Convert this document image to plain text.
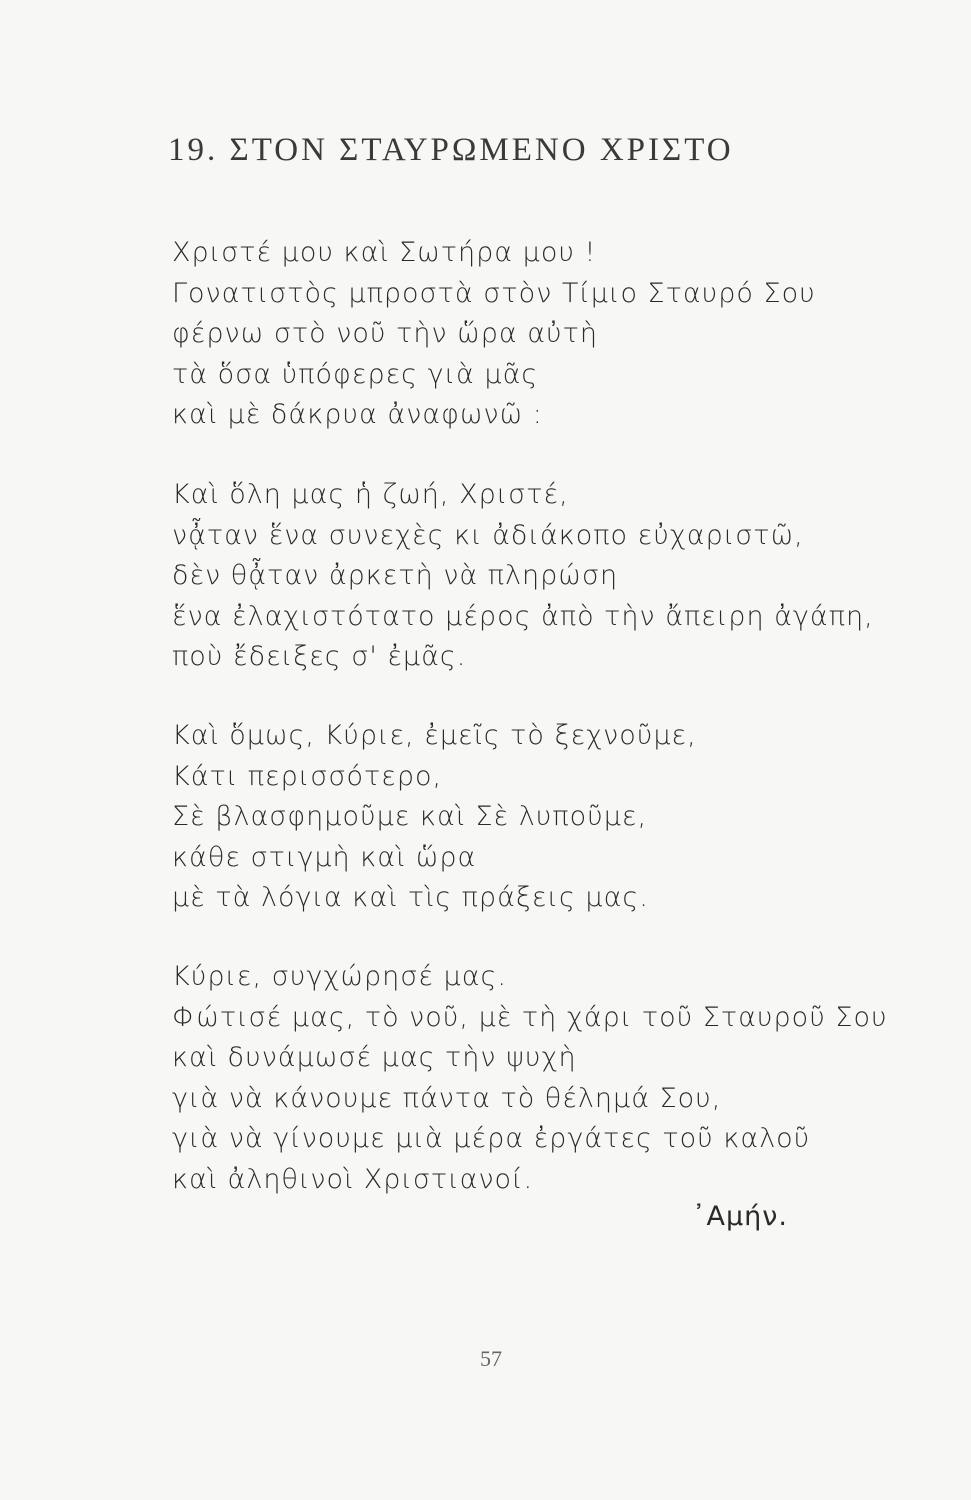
19. ΣΤΟΝ ΣΤΑΥΡΩΜΕΝΟ ΧΡΙΣΤΟ
Χριστέ μου καὶ Σωτήρα μου !
Γονατιστὸς μπροστὰ στὸν Τίμιο Σταυρό Σου
φέρνω στὸ νοῦ τὴν ὥρα αὐτὴ
τὰ ὅσα ὑπόφερες γιὰ μᾶς
καὶ μὲ δάκρυα ἀναφωνῶ :
Καὶ ὅλη μας ἡ ζωή, Χριστέ,
νᾆταν ἕνα συνεχὲς κι ἀδιάκοπο εὐχαριστῶ,
δὲν θᾆταν ἀρκετὴ νὰ πληρώση
ἕνα ἐλαχιστότατο μέρος ἀπὸ τὴν ἄπειρη ἀγάπη,
ποὺ ἔδειξες σ' ἐμᾶς.
Καὶ ὅμως, Κύριε, ἐμεῖς τὸ ξεχνοῦμε,
Κάτι περισσότερο,
Σὲ βλασφημοῦμε καὶ Σὲ λυποῦμε,
κάθε στιγμὴ καὶ ὥρα
μὲ τὰ λόγια καὶ τὶς πράξεις μας.
Κύριε, συγχώρησέ μας.
Φώτισέ μας, τὸ νοῦ, μὲ τὴ χάρι τοῦ Σταυροῦ Σου
καὶ δυνάμωσέ μας τὴν ψυχὴ
γιὰ νὰ κάνουμε πάντα τὸ θέλημά Σου,
γιὰ νὰ γίνουμε μιὰ μέρα ἐργάτες τοῦ καλοῦ
καὶ ἀληθινοὶ Χριστιανοί.
᾿Αμήν.
57
